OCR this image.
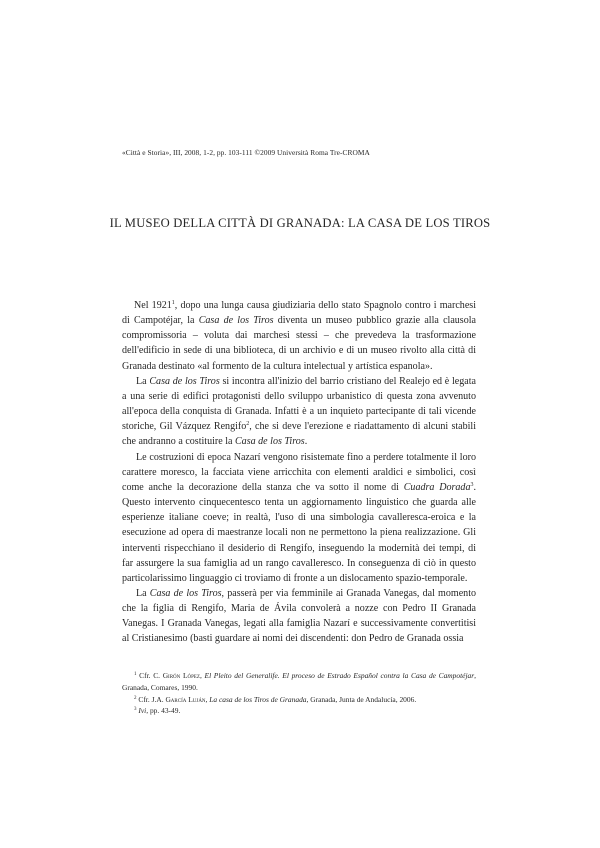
«Città e Storia», III, 2008, 1-2, pp. 103-111 ©2009 Università Roma Tre-CROMA
IL MUSEO DELLA CITTÀ DI GRANADA: LA CASA DE LOS TIROS

Nel 1921$^1$, dopo una lunga causa giudiziaria dello stato Spagnolo contro i marchesi di Campotéjar, la Casa de los Tiros diventa un museo pubblico grazie alla clausola compromissoria – voluta dai marchesi stessi – che prevedeva la trasformazione dell'edificio in sede di una biblioteca, di un archivio e di un museo rivolto alla città di Granada destinato «al formento de la cultura intelectual y artística espanola».

La Casa de los Tiros si incontra all'inizio del barrio cristiano del Realejo ed è legata a una serie di edifici protagonisti dello sviluppo urbanistico di questa zona avvenuto all'epoca della conquista di Granada. Infatti è a un inquieto partecipante di tali vicende storiche, Gil Vázquez Rengifo$^2$, che si deve l'erezione e riadattamento di alcuni stabili che andranno a costituire la Casa de los Tiros.

Le costruzioni di epoca Nazarí vengono risistemate fino a perdere totalmente il loro carattere moresco, la facciata viene arricchita con elementi araldici e simbolici, così come anche la decorazione della stanza che va sotto il nome di Cuadra Dorada$^3$. Questo intervento cinquecentesco tenta un aggiornamento linguistico che guarda alle esperienze italiane coeve; in realtà, l'uso di una simbologia cavalleresca-eroica e la esecuzione ad opera di maestranze locali non ne permettono la piena realizzazione. Gli interventi rispecchiano il desiderio di Rengifo, inseguendo la modernità dei tempi, di far assurgere la sua famiglia ad un rango cavalleresco. In conseguenza di ciò in questo particolarissimo linguaggio ci troviamo di fronte a un dislocamento spazio-temporale.

La Casa de los Tiros, passerà per via femminile ai Granada Vanegas, dal momento che la figlia di Rengifo, Maria de Ávila convolerà a nozze con Pedro II Granada Vanegas. I Granada Vanegas, legati alla famiglia Nazarí e successivamente convertitisi al Cristianesimo (basti guardare ai nomi dei discendenti: don Pedro de Granada ossia

$^1$ Cfr. C. Girón López, El Pleito del Generalife. El proceso de Estrado Español contra la Casa de Campotéjar, Granada, Comares, 1990.

$^2$ Cfr. J.A. García Luján, La casa de los Tiros de Granada, Granada, Junta de Andalucía, 2006.

$^3$ Ivi, pp. 43-49.
